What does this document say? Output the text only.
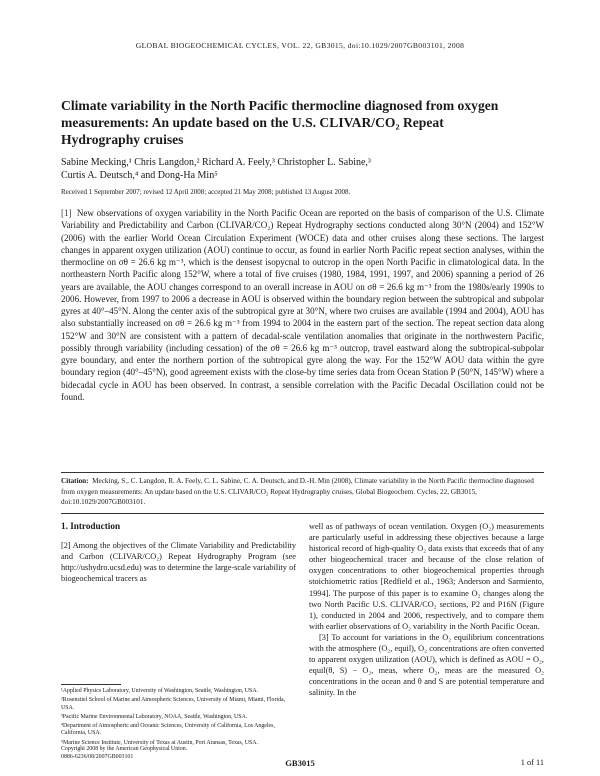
GLOBAL BIOGEOCHEMICAL CYCLES, VOL. 22, GB3015, doi:10.1029/2007GB003101, 2008
Climate variability in the North Pacific thermocline diagnosed from oxygen measurements: An update based on the U.S. CLIVAR/CO₂ Repeat Hydrography cruises
Sabine Mecking,¹ Chris Langdon,² Richard A. Feely,³ Christopher L. Sabine,³
Curtis A. Deutsch,⁴ and Dong-Ha Min⁵
Received 1 September 2007; revised 12 April 2008; accepted 21 May 2008; published 13 August 2008.

[1] New observations of oxygen variability in the North Pacific Ocean are reported on the basis of comparison of the U.S. Climate Variability and Predictability and Carbon (CLIVAR/CO₂) Repeat Hydrography sections conducted along 30°N (2004) and 152°W (2006) with the earlier World Ocean Circulation Experiment (WOCE) data and other cruises along these sections. The largest changes in apparent oxygen utilization (AOU) continue to occur, as found in earlier North Pacific repeat section analyses, within the thermocline on σθ = 26.6 kg m⁻³, which is the densest isopycnal to outcrop in the open North Pacific in climatological data. In the northeastern North Pacific along 152°W, where a total of five cruises (1980, 1984, 1991, 1997, and 2006) spanning a period of 26 years are available, the AOU changes correspond to an overall increase in AOU on σθ = 26.6 kg m⁻³ from the 1980s/early 1990s to 2006. However, from 1997 to 2006 a decrease in AOU is observed within the boundary region between the subtropical and subpolar gyres at 40°–45°N. Along the center axis of the subtropical gyre at 30°N, where two cruises are available (1994 and 2004), AOU has also substantially increased on σθ = 26.6 kg m⁻³ from 1994 to 2004 in the eastern part of the section. The repeat section data along 152°W and 30°N are consistent with a pattern of decadal-scale ventilation anomalies that originate in the northwestern Pacific, possibly through variability (including cessation) of the σθ = 26.6 kg m⁻³ outcrop, travel eastward along the subtropical-subpolar gyre boundary, and enter the northern portion of the subtropical gyre along the way. For the 152°W AOU data within the gyre boundary region (40°–45°N), good agreement exists with the close-by time series data from Ocean Station P (50°N, 145°W) where a bidecadal cycle in AOU has been observed. In contrast, a sensible correlation with the Pacific Decadal Oscillation could not be found.

Citation: Mecking, S., C. Langdon, R. A. Feely, C. L. Sabine, C. A. Deutsch, and D.-H. Min (2008), Climate variability in the North Pacific thermocline diagnosed from oxygen measurements: An update based on the U.S. CLIVAR/CO₂ Repeat Hydrography cruises, Global Biogeochem. Cycles, 22, GB3015, doi:10.1029/2007GB003101.

1. Introduction

[2] Among the objectives of the Climate Variability and Predictability and Carbon (CLIVAR/CO₂) Repeat Hydrography Program (see http://ushydro.ucsd.edu) was to determine the large-scale variability of biogeochemical tracers as

¹Applied Physics Laboratory, University of Washington, Seattle, Washington, USA.

²Rosenstiel School of Marine and Atmospheric Sciences, University of Miami, Miami, Florida, USA.

³Pacific Marine Environmental Laboratory, NOAA, Seattle, Washington, USA.

⁴Department of Atmospheric and Oceanic Sciences, University of California, Los Angeles, California, USA.

⁵Marine Science Institute, University of Texas at Austin, Port Aransas, Texas, USA.

Copyright 2008 by the American Geophysical Union.
0886-6236/08/2007GB003101

well as of pathways of ocean ventilation. Oxygen (O₂) measurements are particularly useful in addressing these objectives because a large historical record of high-quality O₂ data exists that exceeds that of any other biogeochemical tracer and because of the close relation of oxygen concentrations to other biogeochemical properties through stoichiometric ratios [Redfield et al., 1963; Anderson and Sarmiento, 1994]. The purpose of this paper is to examine O₂ changes along the two North Pacific U.S. CLIVAR/CO₂ sections, P2 and P16N (Figure 1), conducted in 2004 and 2006, respectively, and to compare them with earlier observations of O₂ variability in the North Pacific Ocean.

[3] To account for variations in the O₂ equilibrium concentrations with the atmosphere (O₂, equil), O₂ concentrations are often converted to apparent oxygen utilization (AOU), which is defined as AOU = O₂, equil(θ, S) − O₂, meas, where O₂, meas are the measured O₂ concentrations in the ocean and θ and S are potential temperature and salinity. In the

GB3015	1 of 11
